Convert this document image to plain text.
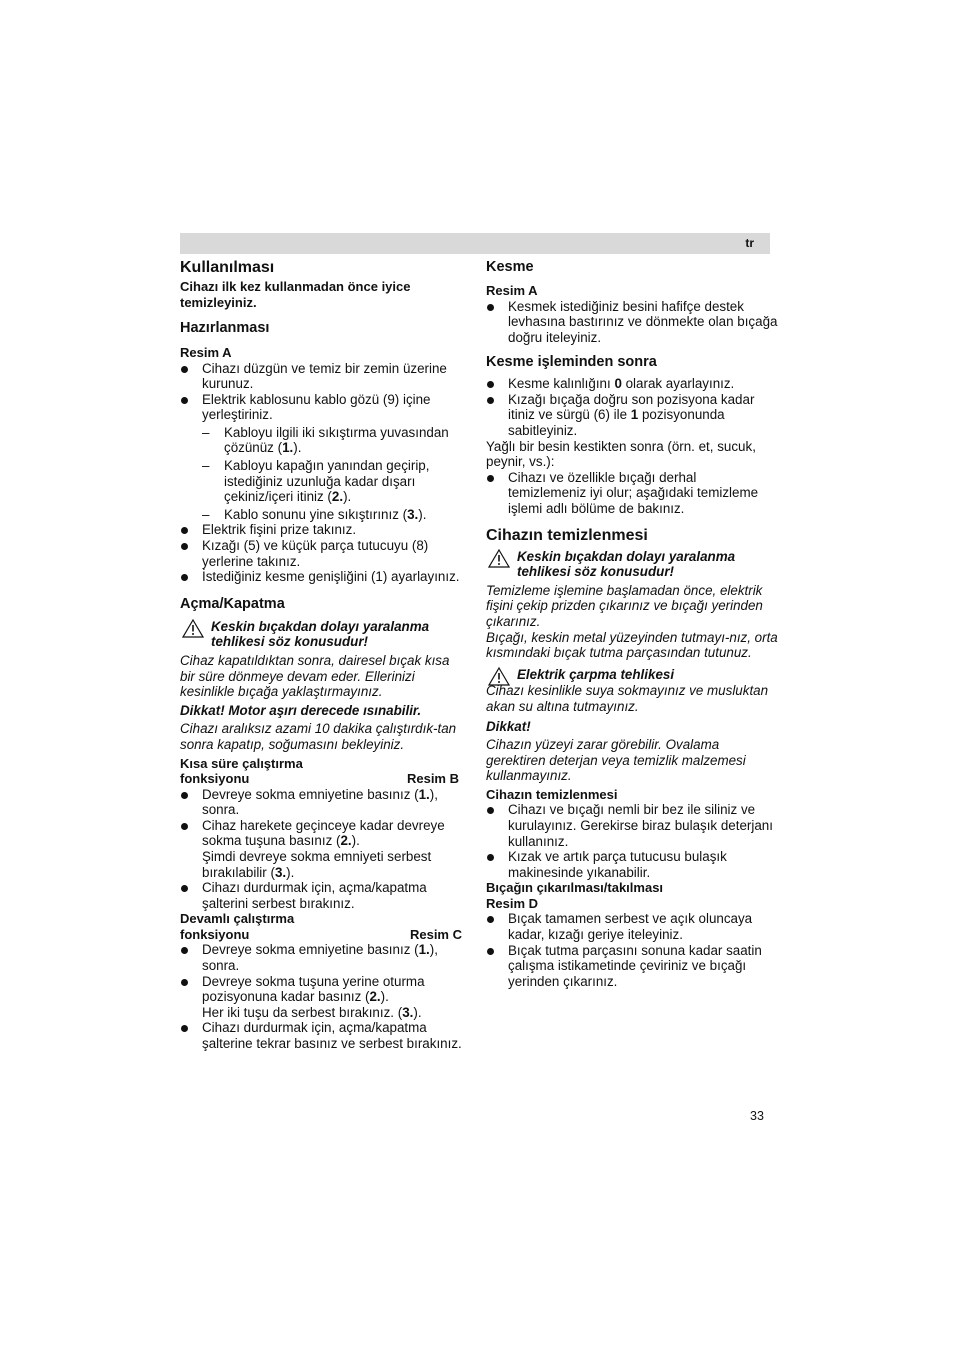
tr
Kullanılması

Cihazı ilk kez kullanmadan önce iyice temizleyiniz.

Hazırlanması

Resim A

Cihazı düzgün ve temiz bir zemin üzerine kurunuz.
Elektrik kablosunu kablo gözü (9) içine yerleştiriniz.
– Kabloyu ilgili iki sıkıştırma yuvasından çözünüz (1.).
– Kabloyu kapağın yanından geçirip, istediğiniz uzunluğa kadar dışarı çekiniz/içeri itiniz (2.).
– Kablo sonunu yine sıkıştırınız (3.).
Elektrik fişini prize takınız.
Kızağı (5) ve küçük parça tutucuyu (8) yerlerine takınız.
İstediğiniz kesme genişliğini (1) ayarlayınız.
Açma/Kapatma

Keskin bıçakdan dolayı yaralanma tehlikesi söz konusudur!

Cihaz kapatıldıktan sonra, dairesel bıçak kısa bir süre dönmeye devam eder. Ellerinizi kesinlikle bıçağa yaklaştırmayınız.

Dikkat! Motor aşırı derecede ısınabilir.

Cihazı aralıksız azami 10 dakika çalıştırdık-tan sonra kapatıp, soğumasını bekleyiniz.

Kısa süre çalıştırma

fonksiyonu	Resim B
Devreye sokma emniyetine basınız (1.), sonra.
Cihaz harekete geçinceye kadar devreye sokma tuşuna basınız (2.).
Şimdi devreye sokma emniyeti serbest bırakılabilir (3.).
Cihazı durdurmak için, açma/kapatma şalterini serbest bırakınız.

Devamlı çalıştırma

fonksiyonu	Resim C
Devreye sokma emniyetine basınız (1.), sonra.
Devreye sokma tuşuna yerine oturma pozisyonuna kadar basınız (2.).
Her iki tuşu da serbest bırakınız. (3.).
Cihazı durdurmak için, açma/kapatma şalterine tekrar basınız ve serbest bırakınız.
Kesme

Resim A

Kesmek istediğiniz besini hafifçe destek levhasına bastırınız ve dönmekte olan bıçağa doğru iteleyiniz.
Kesme işleminden sonra
Kesme kalınlığını 0 olarak ayarlayınız.
Kızağı bıçağa doğru son pozisyona kadar itiniz ve sürgü (6) ile 1 pozisyonunda sabitleyiniz.

Yağlı bir besin kestikten sonra (örn. et, sucuk, peynir, vs.):

Cihazı ve özellikle bıçağı derhal temizlemeniz iyi olur; aşağıdaki temizleme işlemi adlı bölüme de bakınız.
Cihazın temizlenmesi

Keskin bıçakdan dolayı yaralanma tehlikesi söz konusudur!

Temizleme işlemine başlamadan önce, elektrik fişini çekip prizden çıkarınız ve bıçağı yerinden çıkarınız.

Bıçağı, keskin metal yüzeyinden tutmayı-nız, orta kısmındaki bıçak tutma parçasından tutunuz.

Elektrik çarpma tehlikesi

Cihazı kesinlikle suya sokmayınız ve musluktan akan su altına tutmayınız.

Dikkat!

Cihazın yüzeyi zarar görebilir. Ovalama gerektiren deterjan veya temizlik malzemesi kullanmayınız.

Cihazın temizlenmesi

Cihazı ve bıçağı nemli bir bez ile siliniz ve kurulayınız. Gerekirse biraz bulaşık deterjanı kullanınız.
Kızak ve artık parça tutucusu bulaşık makinesinde yıkanabilir.

Bıçağın çıkarılması/takılması

Resim D

Bıçak tamamen serbest ve açık oluncaya kadar, kızağı geriye iteleyiniz.
Bıçak tutma parçasını sonuna kadar saatin çalışma istikametinde çeviriniz ve bıçağı yerinden çıkarınız.
33
